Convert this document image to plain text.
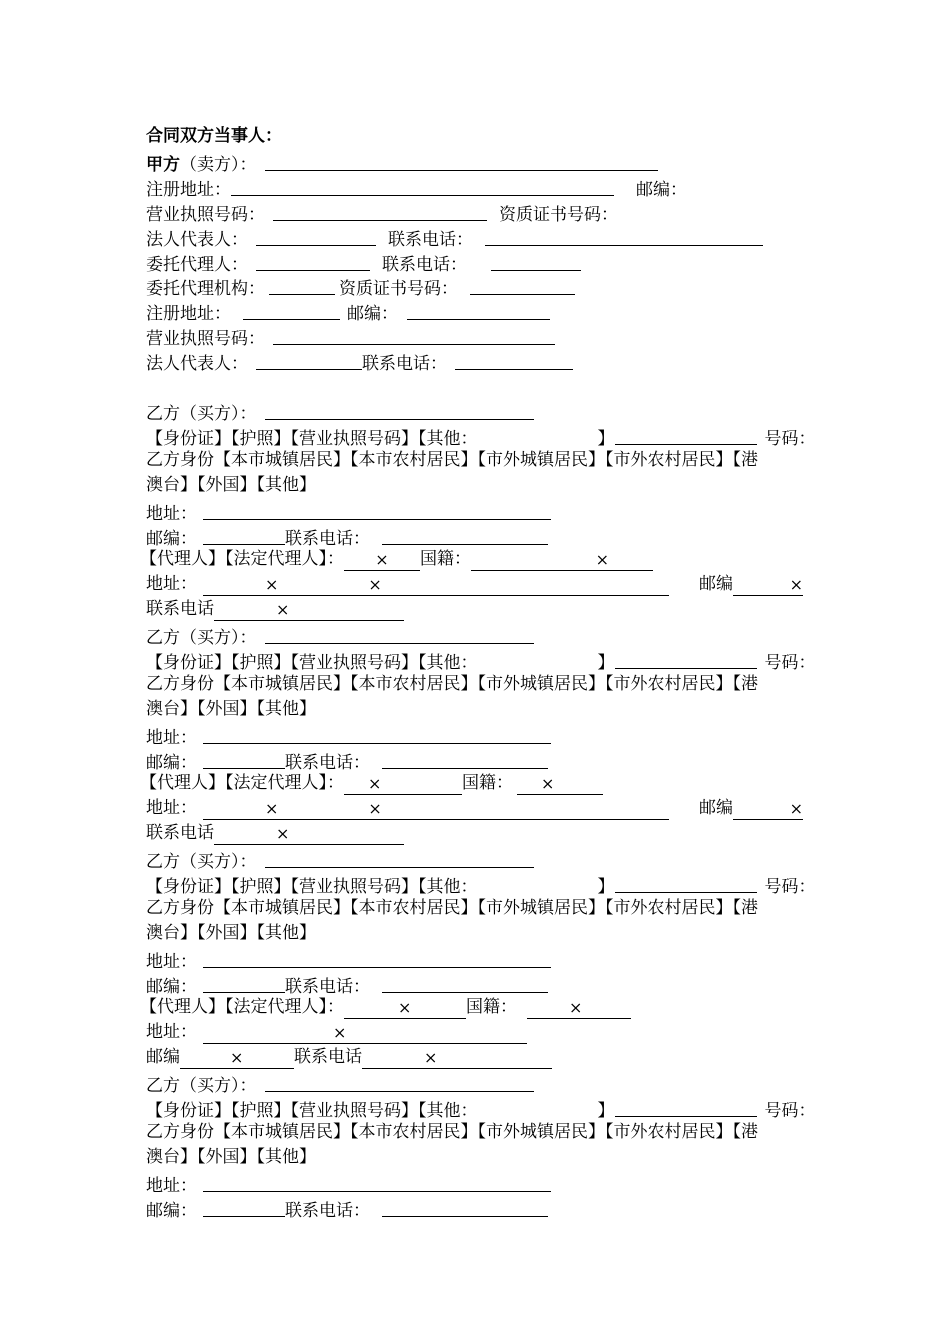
合同双方当事人：
甲方（卖方）：
注册地址：	邮编：
营业执照号码：	资质证书号码：
法人代表人：	联系电话：
委托代理人：	联系电话：
委托代理机构：	资质证书号码：
注册地址：	邮编：
营业执照号码：
法人代表人：	联系电话：
乙方（买方）：
【身份证】【护照】【营业执照号码】【其他：	】	号码：
乙方身份【本市城镇居民】【本市农村居民】【市外城镇居民】【市外农村居民】【港
澳台】【外国】【其他】
地址：
邮编：	联系电话：
【代理人】【法定代理人】： × 国籍：	×
地址：	×	×	邮编	×
联系电话	×
乙方（买方）：
【身份证】【护照】【营业执照号码】【其他：	】	号码：
乙方身份【本市城镇居民】【本市农村居民】【市外城镇居民】【市外农村居民】【港
澳台】【外国】【其他】
地址：
邮编：	联系电话：
【代理人】【法定代理人】： ×	国籍： ×
地址：	×	×	邮编	×
联系电话	×
乙方（买方）：
【身份证】【护照】【营业执照号码】【其他：	】	号码：
乙方身份【本市城镇居民】【本市农村居民】【市外城镇居民】【市外农村居民】【港
澳台】【外国】【其他】
地址：
邮编：	联系电话：
【代理人】【法定代理人】：	×	国籍：	×
地址：	×
邮编	×	联系电话	×
乙方（买方）：
【身份证】【护照】【营业执照号码】【其他：	】	号码：
乙方身份【本市城镇居民】【本市农村居民】【市外城镇居民】【市外农村居民】【港
澳台】【外国】【其他】
地址：
邮编：	联系电话：
